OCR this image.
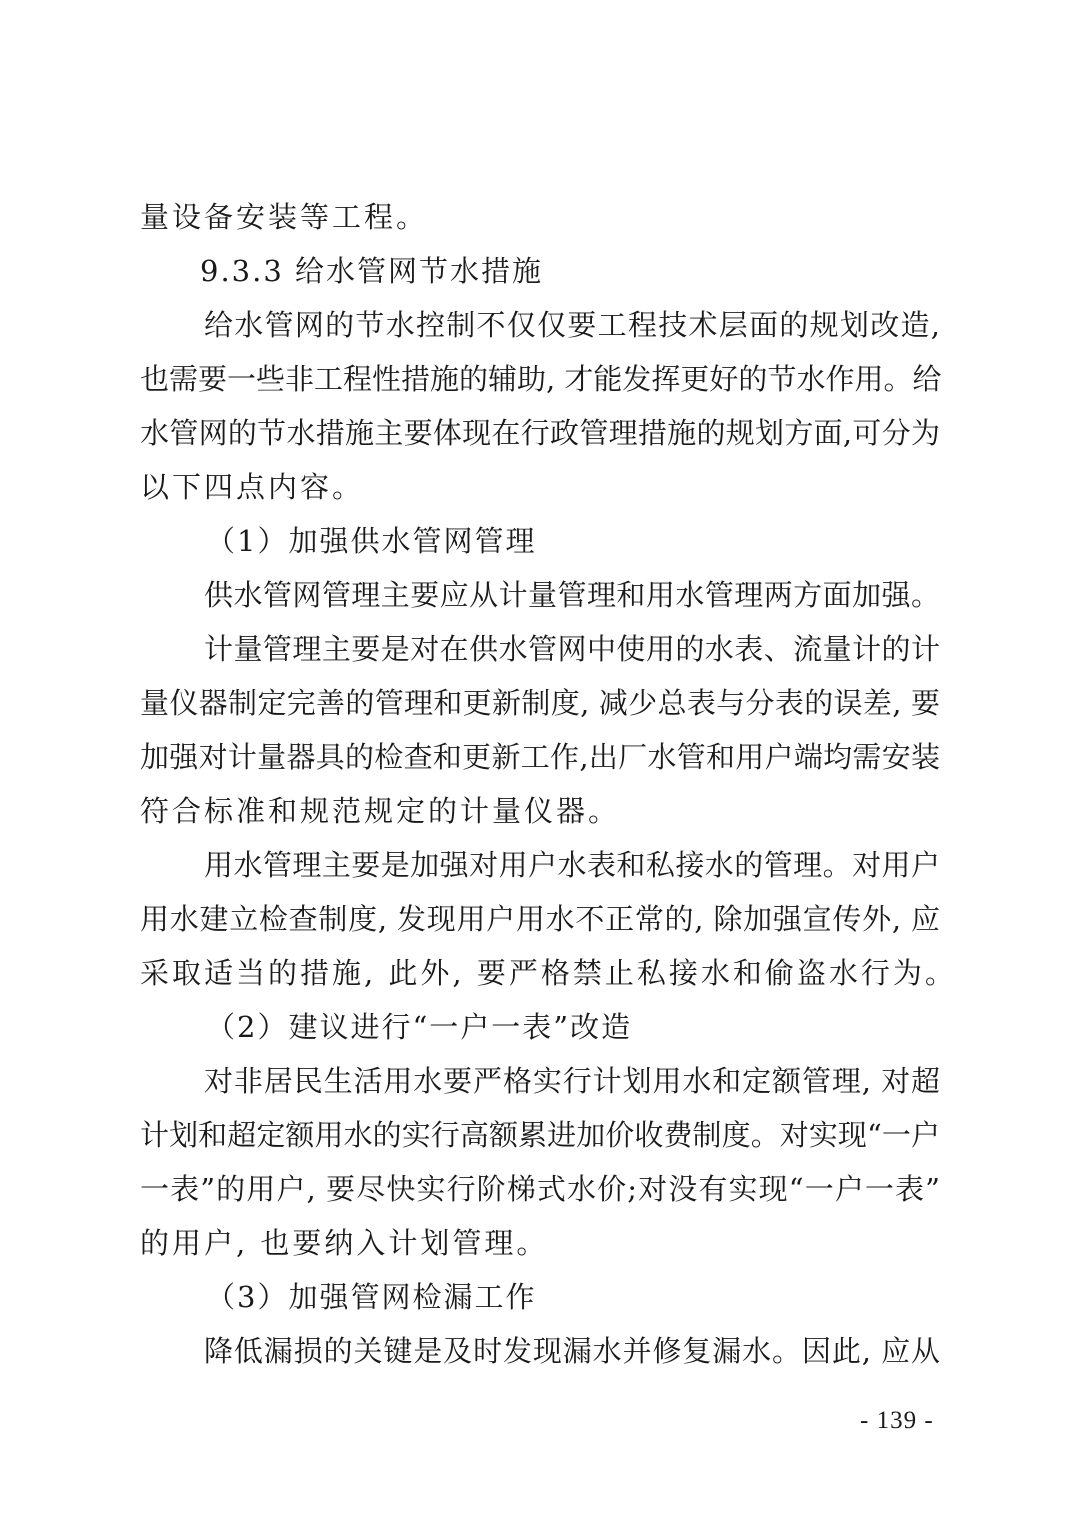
量设备安装等工程。
9.3.3 给水管网节水措施
给水管网的节水控制不仅仅要工程技术层面的规划改造,
也需要一些非工程性措施的辅助, 才能发挥更好的节水作用。给
水管网的节水措施主要体现在行政管理措施的规划方面,可分为
以下四点内容。
（1）加强供水管网管理
供水管网管理主要应从计量管理和用水管理两方面加强。
计量管理主要是对在供水管网中使用的水表、流量计的计
量仪器制定完善的管理和更新制度, 减少总表与分表的误差, 要
加强对计量器具的检查和更新工作,出厂水管和用户端均需安装
符合标准和规范规定的计量仪器。
用水管理主要是加强对用户水表和私接水的管理。对用户
用水建立检查制度, 发现用户用水不正常的, 除加强宣传外, 应
采取适当的措施, 此外, 要严格禁止私接水和偷盗水行为。
（2）建议进行“一户一表”改造
对非居民生活用水要严格实行计划用水和定额管理, 对超
计划和超定额用水的实行高额累进加价收费制度。对实现“一户
一表”的用户, 要尽快实行阶梯式水价;对没有实现“一户一表”
的用户, 也要纳入计划管理。
（3）加强管网检漏工作
降低漏损的关键是及时发现漏水并修复漏水。因此, 应从
- 139 -
